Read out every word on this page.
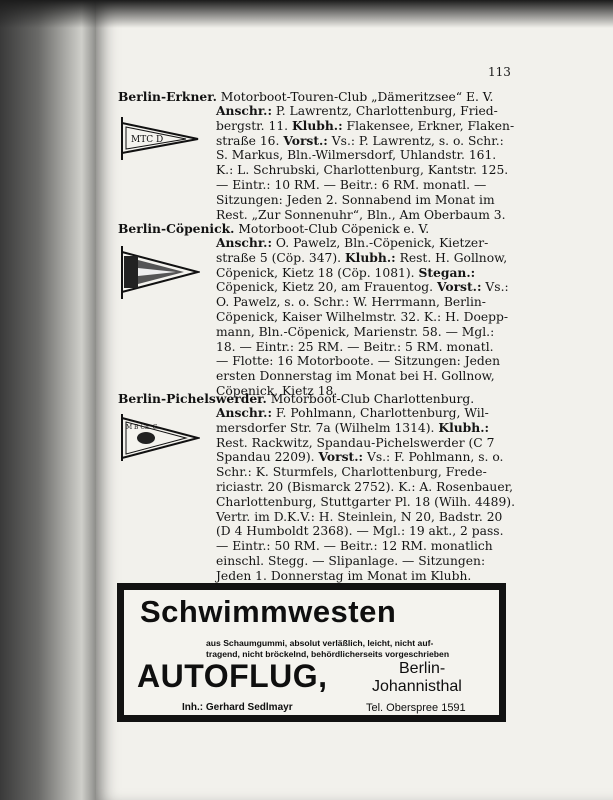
113
Berlin-Erkner. Motorboot-Touren-Club „Dämeritzsee“ E. V.
MTC D
Anschr.: P. Lawrentz, Charlottenburg, Fried-
bergstr. 11. Klubh.: Flakensee, Erkner, Flaken-
straße 16. Vorst.: Vs.: P. Lawrentz, s. o. Schr.:
S. Markus, Bln.-Wilmersdorf, Uhlandstr. 161.
K.: L. Schrubski, Charlottenburg, Kantstr. 125.
— Eintr.: 10 RM. — Beitr.: 6 RM. monatl. —
Sitzungen: Jeden 2. Sonnabend im Monat im
Rest. „Zur Sonnenuhr“, Bln., Am Oberbaum 3.
Berlin-Cöpenick. Motorboot-Club Cöpenick e. V.
Anschr.: O. Pawelz, Bln.-Cöpenick, Kietzer-
straße 5 (Cöp. 347). Klubh.: Rest. H. Gollnow,
Cöpenick, Kietz 18 (Cöp. 1081). Stegan.:
Cöpenick, Kietz 20, am Frauentog. Vorst.: Vs.:
O. Pawelz, s. o. Schr.: W. Herrmann, Berlin-
Cöpenick, Kaiser Wilhelmstr. 32. K.: H. Doepp-
mann, Bln.-Cöpenick, Marienstr. 58. — Mgl.:
18. — Eintr.: 25 RM. — Beitr.: 5 RM. monatl.
— Flotte: 16 Motorboote. — Sitzungen: Jeden
ersten Donnerstag im Monat bei H. Gollnow,
Cöpenick, Kietz 18.
Berlin-Pichelswerder. Motorboot-Club Charlottenburg.
M B Ch. C.
Anschr.: F. Pohlmann, Charlottenburg, Wil-
mersdorfer Str. 7a (Wilhelm 1314). Klubh.:
Rest. Rackwitz, Spandau-Pichelswerder (C 7
Spandau 2209). Vorst.: Vs.: F. Pohlmann, s. o.
Schr.: K. Sturmfels, Charlottenburg, Frede-
riciastr. 20 (Bismarck 2752). K.: A. Rosenbauer,
Charlottenburg, Stuttgarter Pl. 18 (Wilh. 4489).
Vertr. im D.K.V.: H. Steinlein, N 20, Badstr. 20
(D 4 Humboldt 2368). — Mgl.: 19 akt., 2 pass.
— Eintr.: 50 RM. — Beitr.: 12 RM. monatlich
einschl. Stegg. — Slipanlage. — Sitzungen:
Jeden 1. Donnerstag im Monat im Klubh.
Schwimmwesten
aus Schaumgummi, absolut verläßlich, leicht, nicht auf-
tragend, nicht bröckelnd, behördlicherseits vorgeschrieben
AUTOFLUG,	Berlin-
Johannisthal
Inh.: Gerhard Sedlmayr	Tel. Oberspree 1591
